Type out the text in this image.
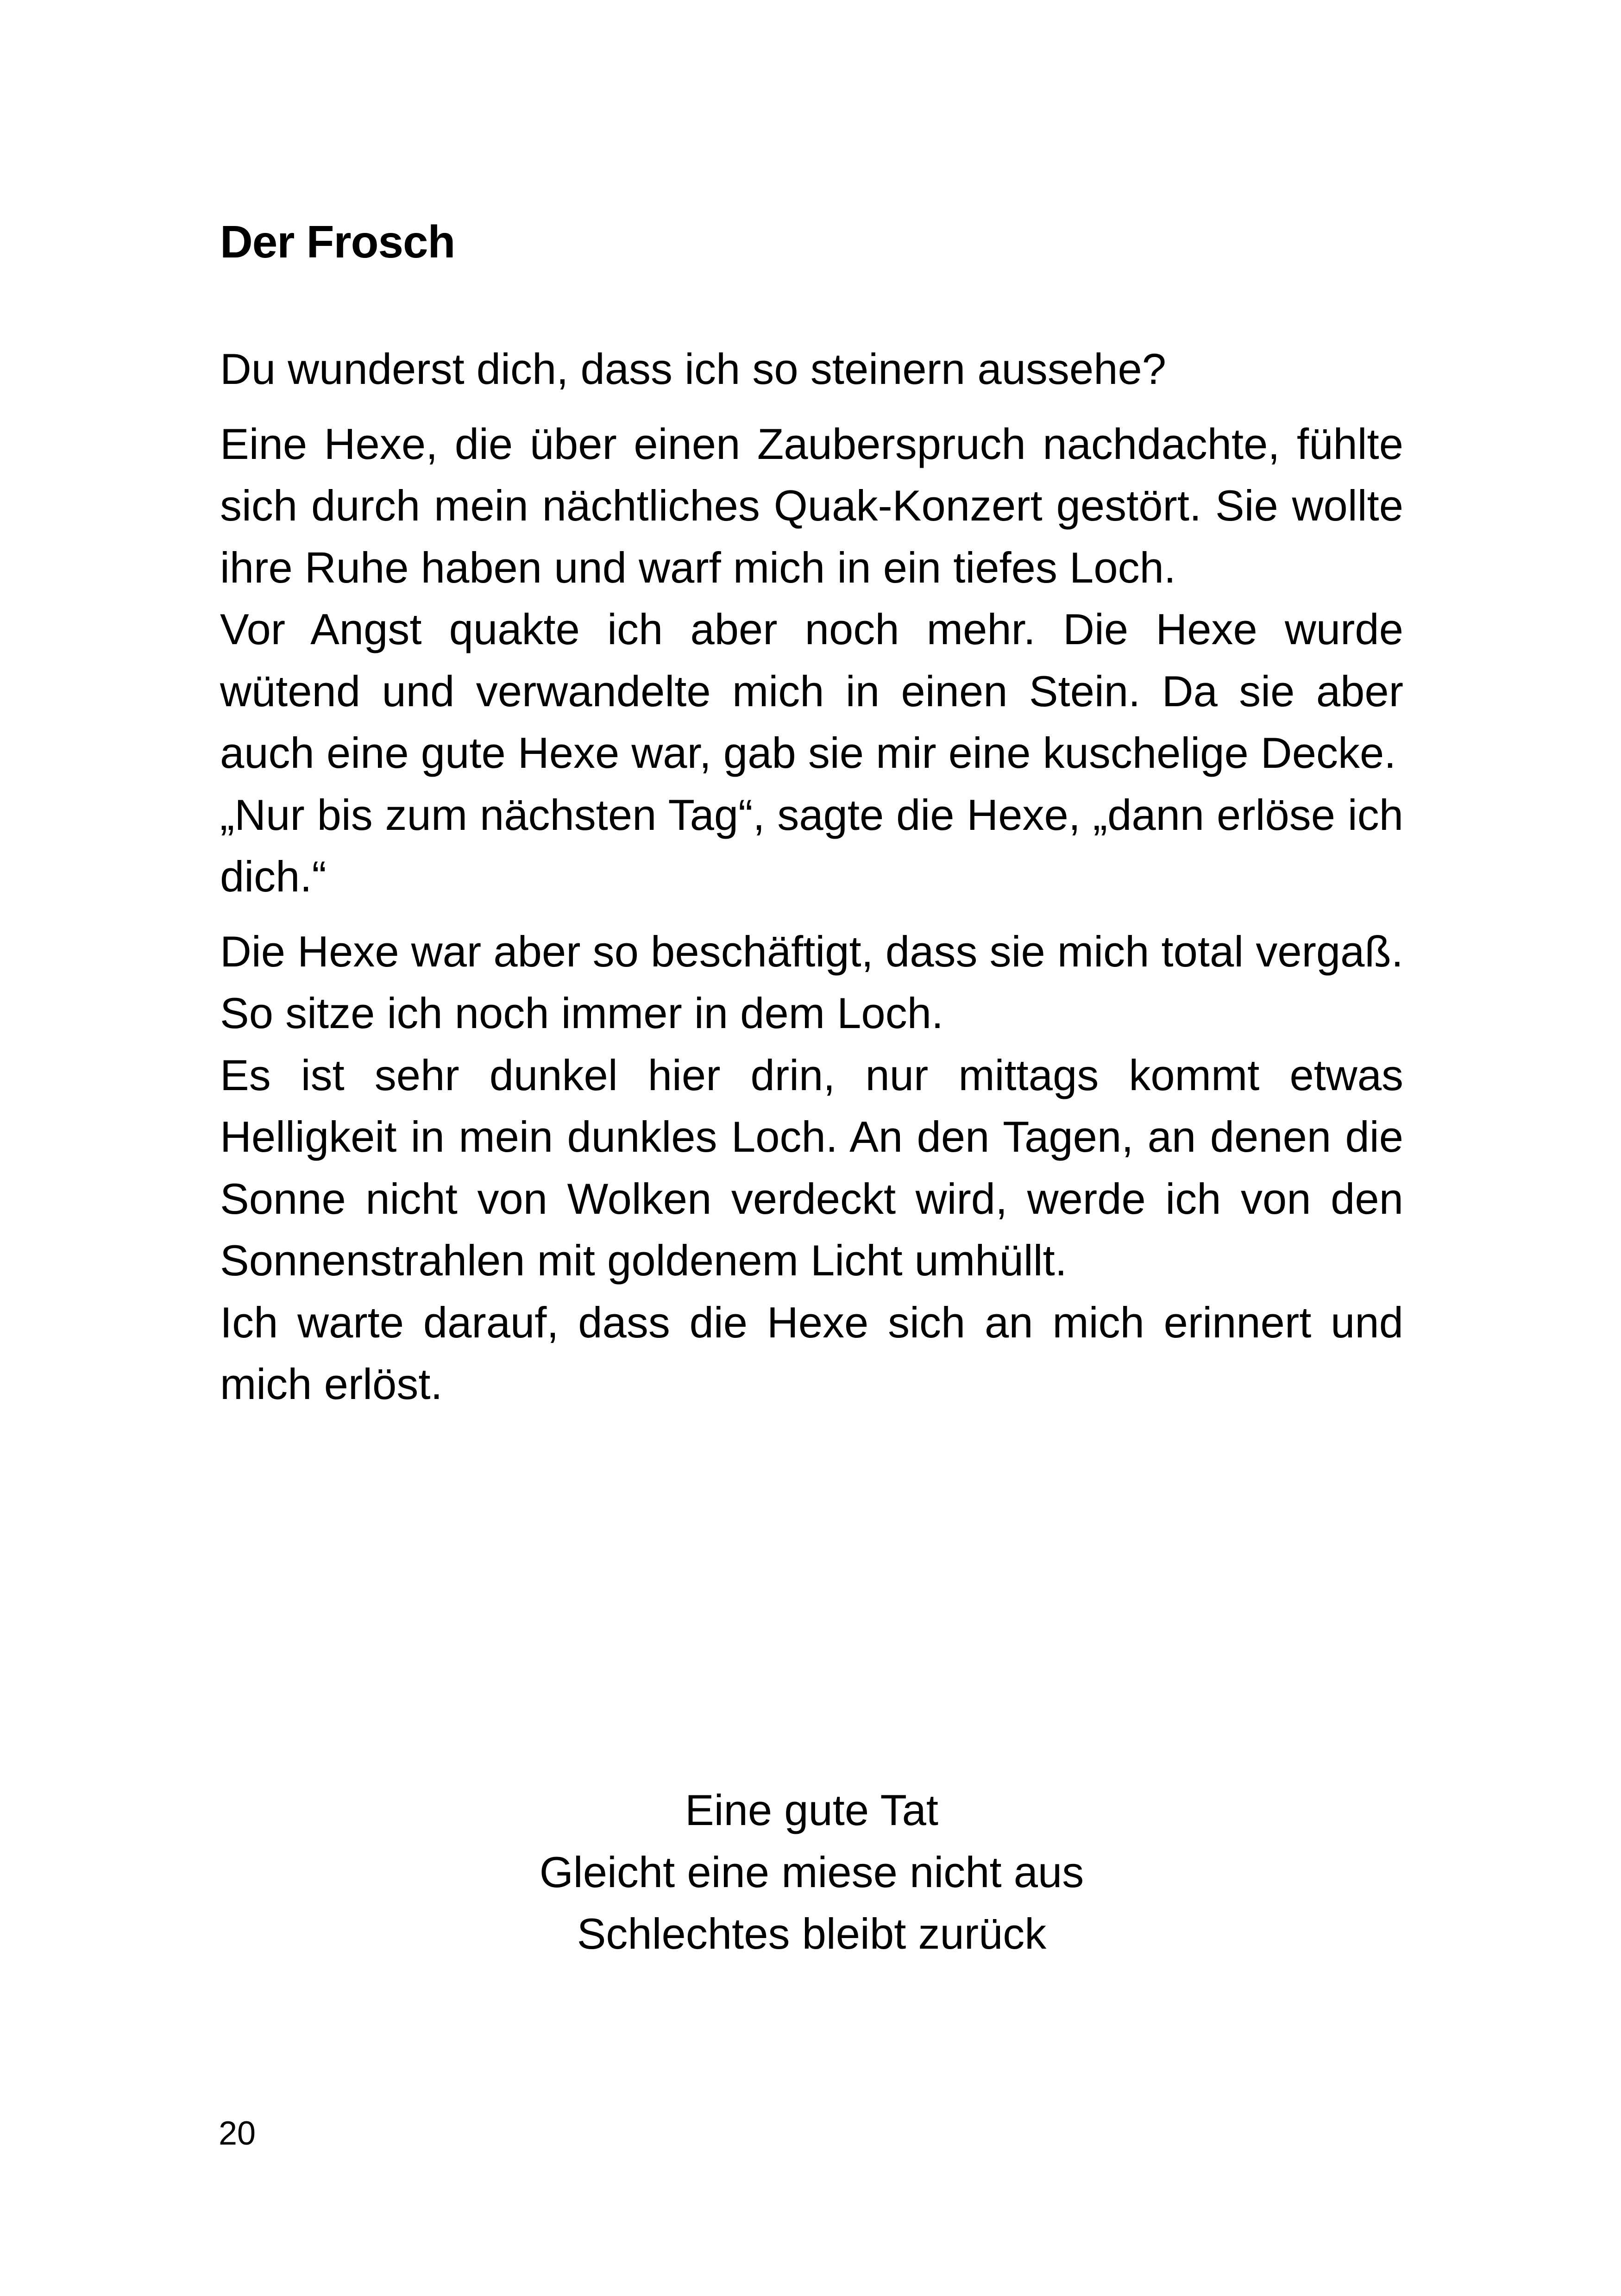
Der Frosch

Du wunderst dich, dass ich so steinern aussehe?

Eine Hexe, die über einen Zauberspruch nachdachte, fühlte sich durch mein nächtliches Quak-Konzert gestört. Sie wollte ihre Ruhe haben und warf mich in ein tiefes Loch.

Vor Angst quakte ich aber noch mehr. Die Hexe wurde wütend und verwandelte mich in einen Stein. Da sie aber auch eine gute Hexe war, gab sie mir eine kuschelige Decke.

„Nur bis zum nächsten Tag“, sagte die Hexe, „dann erlöse ich dich.“

Die Hexe war aber so beschäftigt, dass sie mich total vergaß. So sitze ich noch immer in dem Loch.

Es ist sehr dunkel hier drin, nur mittags kommt etwas Helligkeit in mein dunkles Loch. An den Tagen, an denen die Sonne nicht von Wolken verdeckt wird, werde ich von den Sonnenstrahlen mit goldenem Licht umhüllt.

Ich warte darauf, dass die Hexe sich an mich erinnert und mich erlöst.

Eine gute Tat
Gleicht eine miese nicht aus
Schlechtes bleibt zurück
20
